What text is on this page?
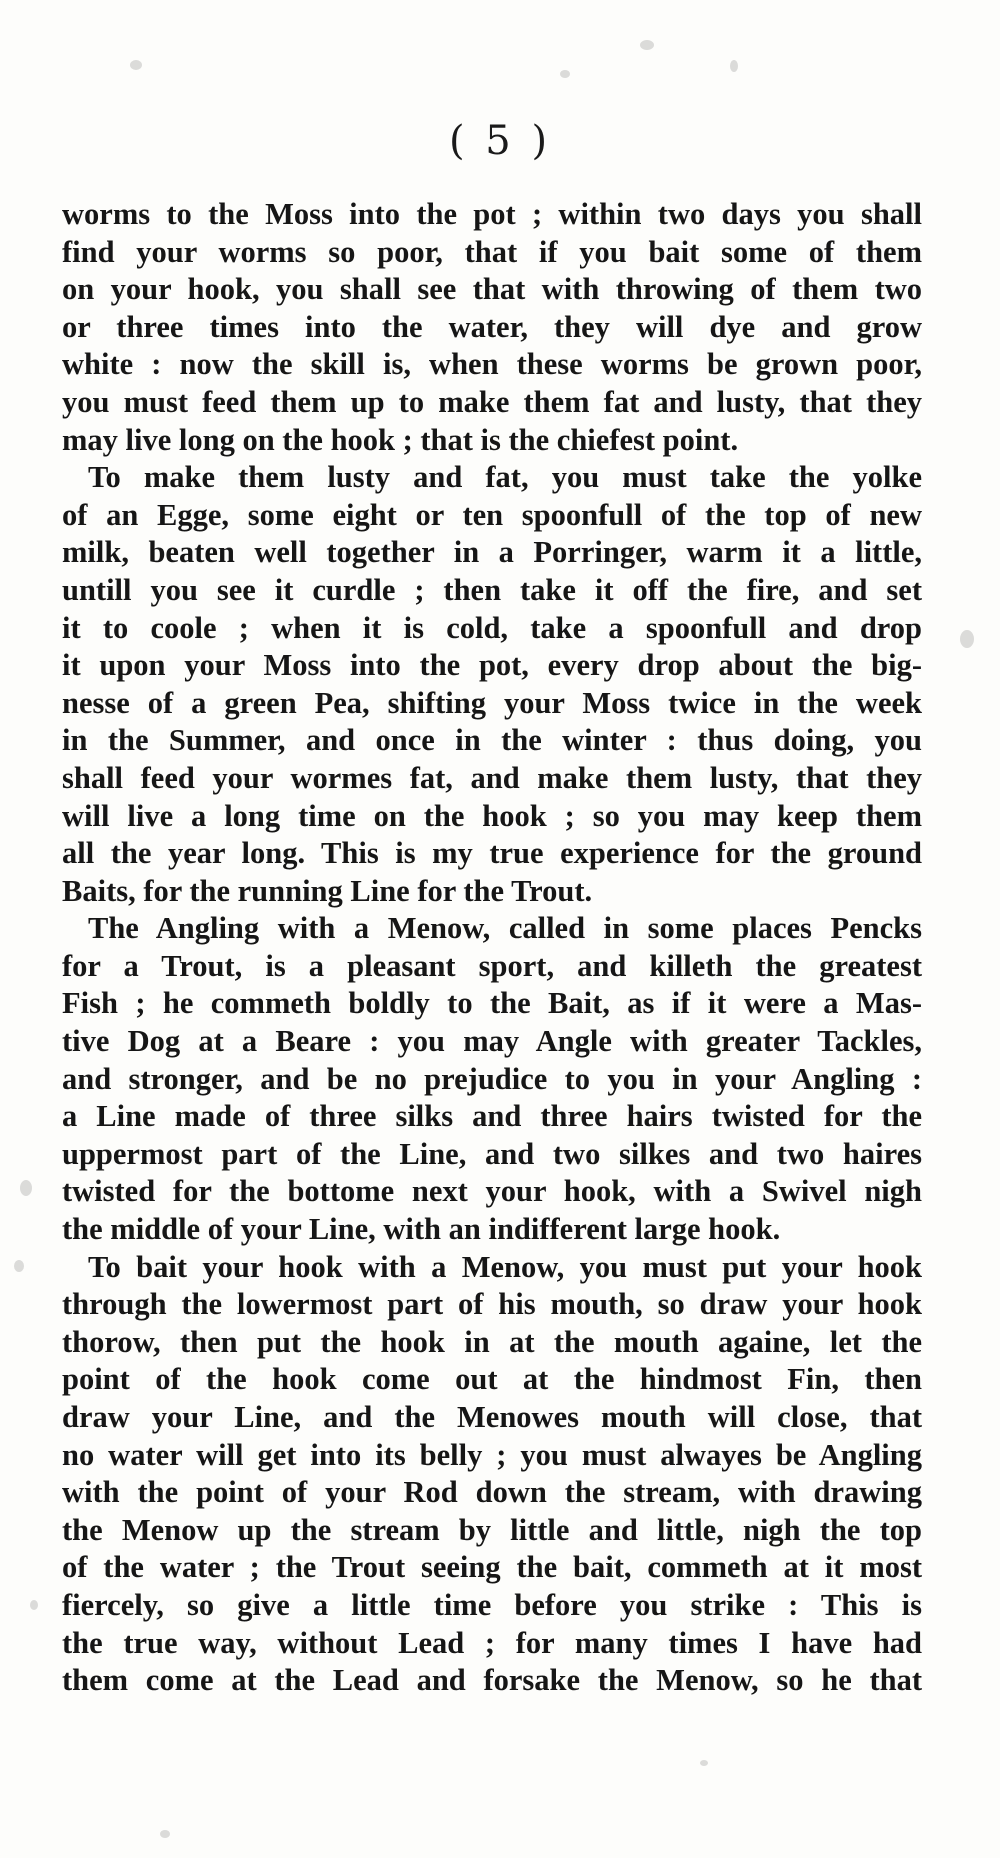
( 5 )
worms to the Moss into the pot ; within two days you shall
find your worms so poor, that if you bait some of them
on your hook, you shall see that with throwing of them two
or three times into the water, they will dye and grow
white : now the skill is, when these worms be grown poor,
you must feed them up to make them fat and lusty, that they
may live long on the hook ; that is the chiefest point.
To make them lusty and fat, you must take the yolke
of an Egge, some eight or ten spoonfull of the top of new
milk, beaten well together in a Porringer, warm it a little,
untill you see it curdle ; then take it off the fire, and set
it to coole ; when it is cold, take a spoonfull and drop
it upon your Moss into the pot, every drop about the big-
nesse of a green Pea, shifting your Moss twice in the week
in the Summer, and once in the winter : thus doing, you
shall feed your wormes fat, and make them lusty, that they
will live a long time on the hook ; so you may keep them
all the year long. This is my true experience for the ground
Baits, for the running Line for the Trout.
The Angling with a Menow, called in some places Pencks
for a Trout, is a pleasant sport, and killeth the greatest
Fish ; he commeth boldly to the Bait, as if it were a Mas-
tive Dog at a Beare : you may Angle with greater Tackles,
and stronger, and be no prejudice to you in your Angling :
a Line made of three silks and three hairs twisted for the
uppermost part of the Line, and two silkes and two haires
twisted for the bottome next your hook, with a Swivel nigh
the middle of your Line, with an indifferent large hook.
To bait your hook with a Menow, you must put your hook
through the lowermost part of his mouth, so draw your hook
thorow, then put the hook in at the mouth againe, let the
point of the hook come out at the hindmost Fin, then
draw your Line, and the Menowes mouth will close, that
no water will get into its belly ; you must alwayes be Angling
with the point of your Rod down the stream, with drawing
the Menow up the stream by little and little, nigh the top
of the water ; the Trout seeing the bait, commeth at it most
fiercely, so give a little time before you strike : This is
the true way, without Lead ; for many times I have had
them come at the Lead and forsake the Menow, so he that
